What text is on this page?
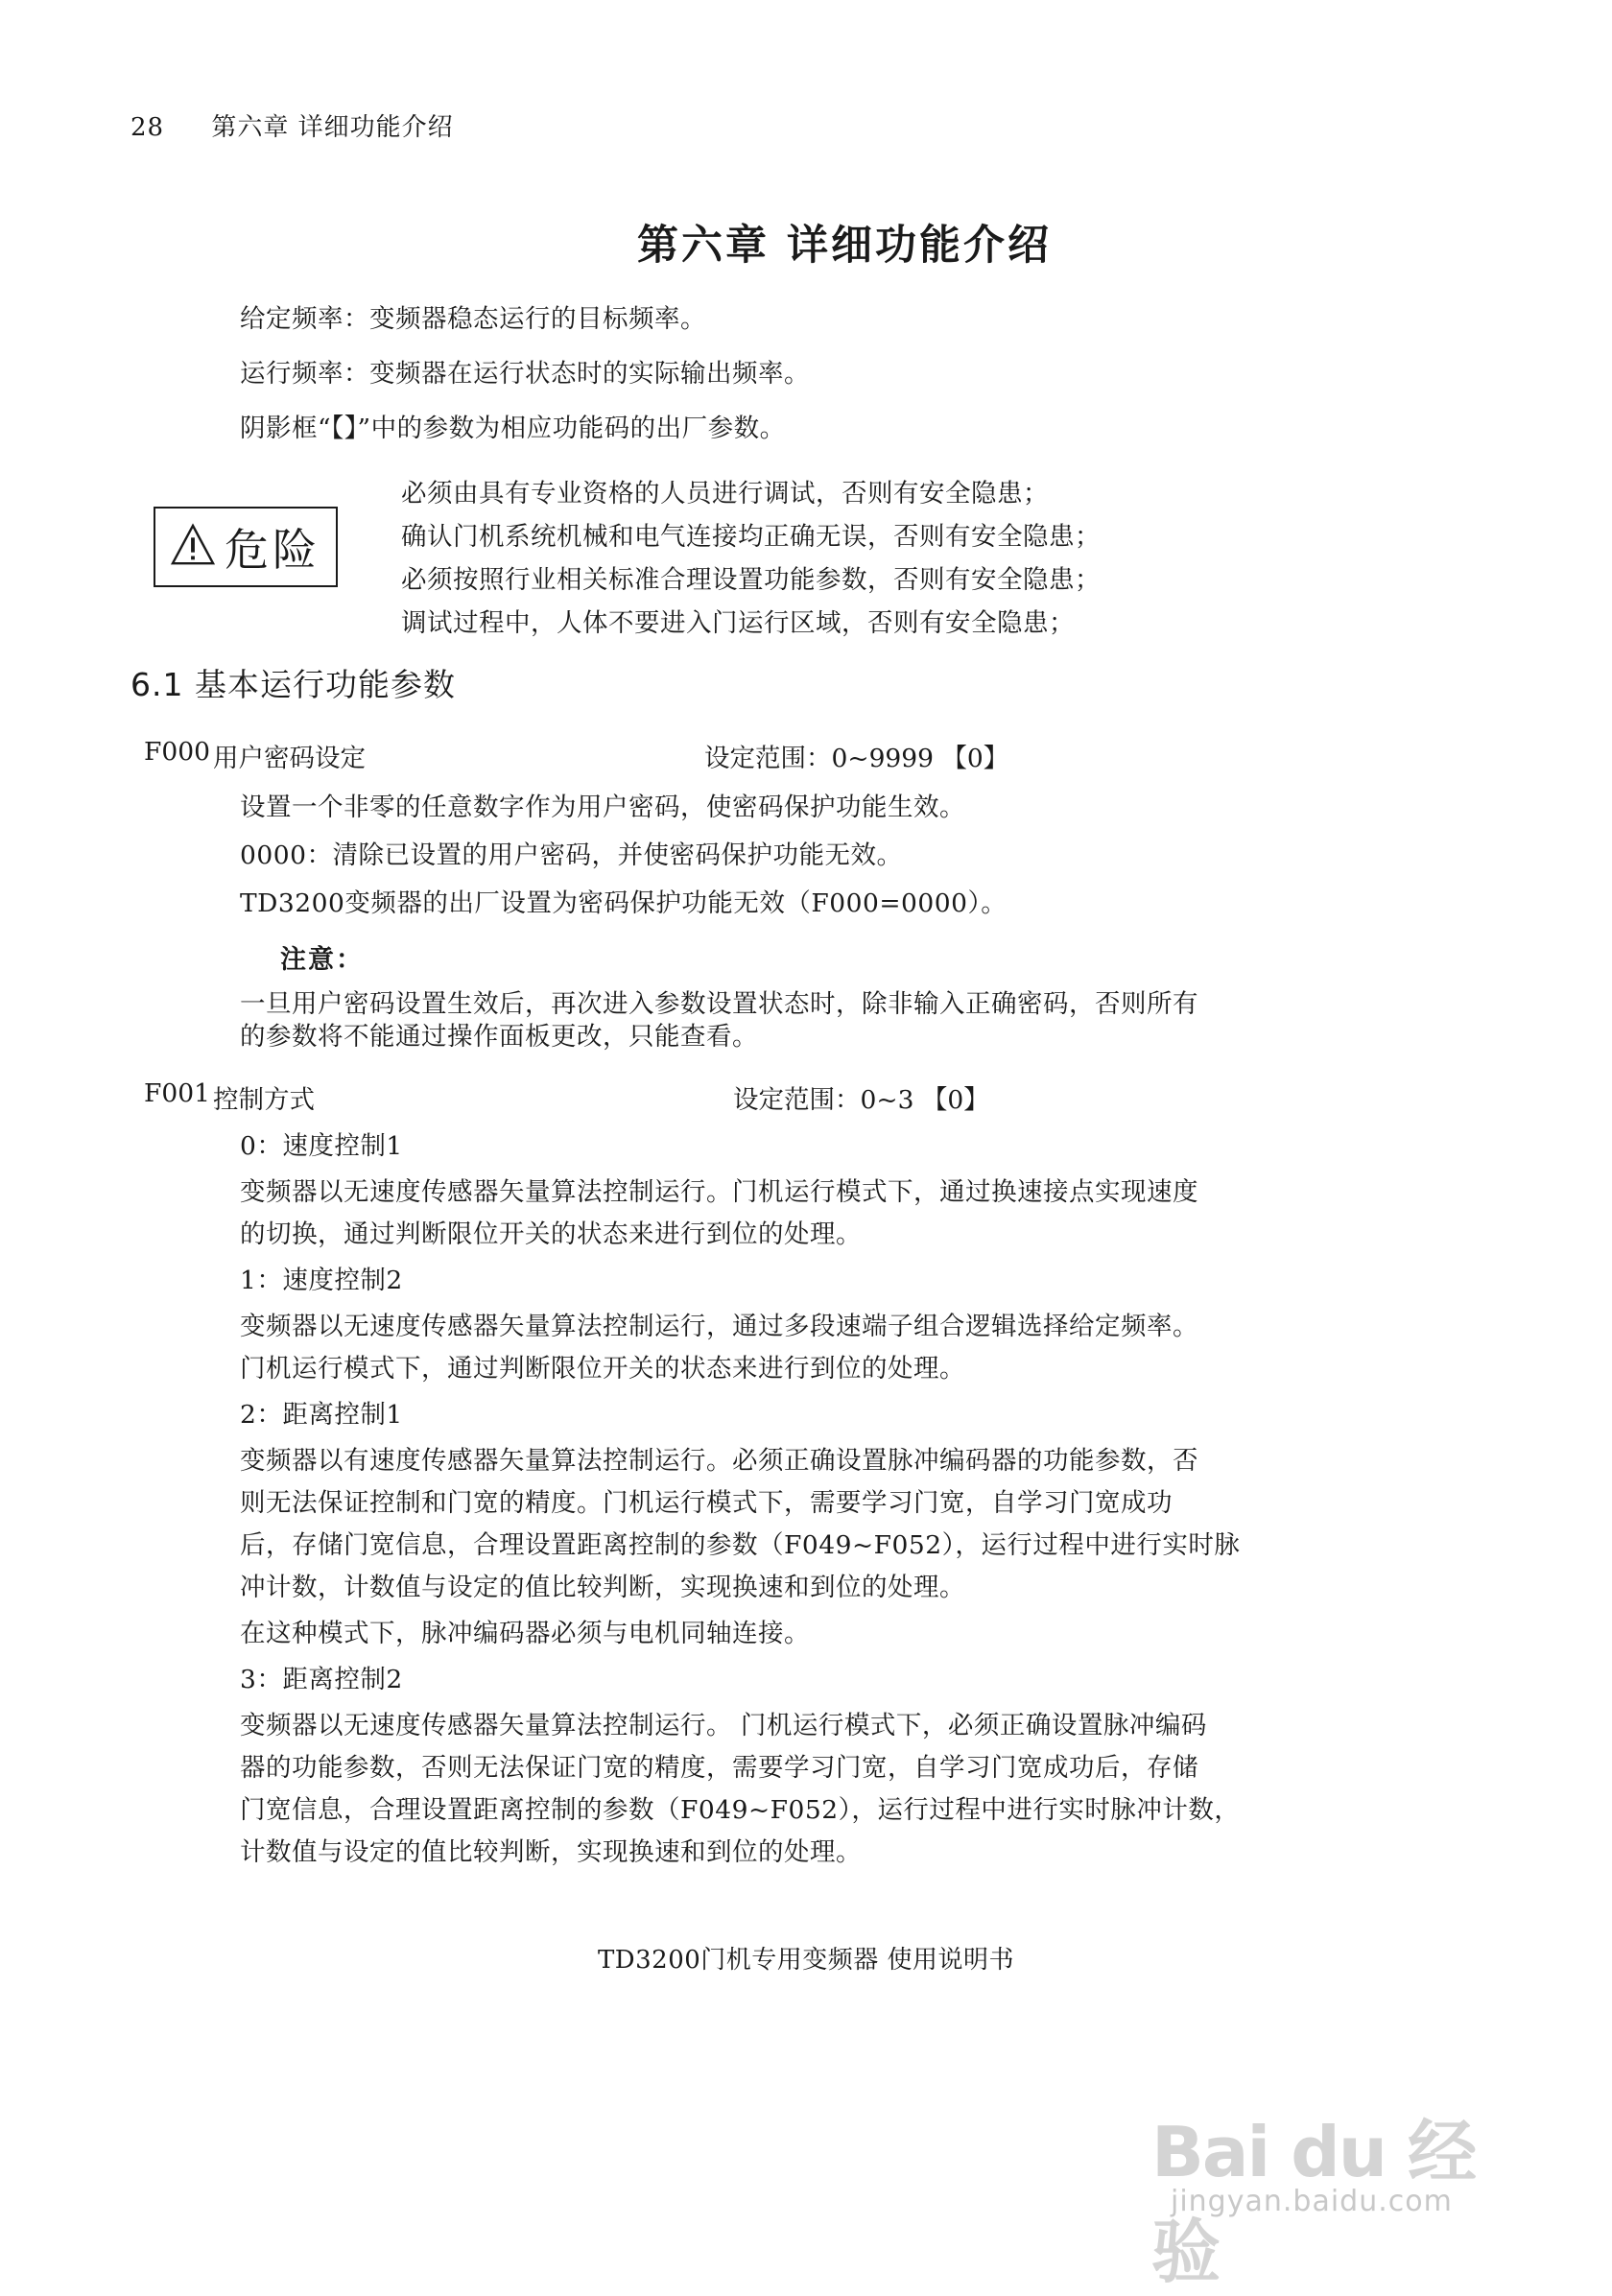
28 第六章 详细功能介绍
第六章 详细功能介绍
给定频率：变频器稳态运行的目标频率。
运行频率：变频器在运行状态时的实际输出频率。
阴影框“【】”中的参数为相应功能码的出厂参数。
危险
必须由具有专业资格的人员进行调试，否则有安全隐患；
确认门机系统机械和电气连接均正确无误，否则有安全隐患；
必须按照行业相关标准合理设置功能参数，否则有安全隐患；
调试过程中，人体不要进入门运行区域，否则有安全隐患；
6.1 基本运行功能参数
F000 用户密码设定	设定范围：0~9999 【0】
设置一个非零的任意数字作为用户密码，使密码保护功能生效。
0000：清除已设置的用户密码，并使密码保护功能无效。
TD3200变频器的出厂设置为密码保护功能无效（F000=0000）。
注意：
一旦用户密码设置生效后，再次进入参数设置状态时，除非输入正确密码，否则所有
的参数将不能通过操作面板更改，只能查看。
F001 控制方式	设定范围：0~3 【0】
0：速度控制1
变频器以无速度传感器矢量算法控制运行。门机运行模式下，通过换速接点实现速度
的切换，通过判断限位开关的状态来进行到位的处理。
1：速度控制2
变频器以无速度传感器矢量算法控制运行，通过多段速端子组合逻辑选择给定频率。
门机运行模式下，通过判断限位开关的状态来进行到位的处理。
2：距离控制1
变频器以有速度传感器矢量算法控制运行。必须正确设置脉冲编码器的功能参数，否
则无法保证控制和门宽的精度。门机运行模式下，需要学习门宽，自学习门宽成功
后，存储门宽信息，合理设置距离控制的参数（F049~F052），运行过程中进行实时脉
冲计数，计数值与设定的值比较判断，实现换速和到位的处理。
在这种模式下，脉冲编码器必须与电机同轴连接。
3：距离控制2
变频器以无速度传感器矢量算法控制运行。 门机运行模式下，必须正确设置脉冲编码
器的功能参数，否则无法保证门宽的精度，需要学习门宽，自学习门宽成功后，存储
门宽信息，合理设置距离控制的参数（F049~F052），运行过程中进行实时脉冲计数，
计数值与设定的值比较判断，实现换速和到位的处理。
TD3200门机专用变频器 使用说明书
Bai du 经验
jingyan.baidu.com
